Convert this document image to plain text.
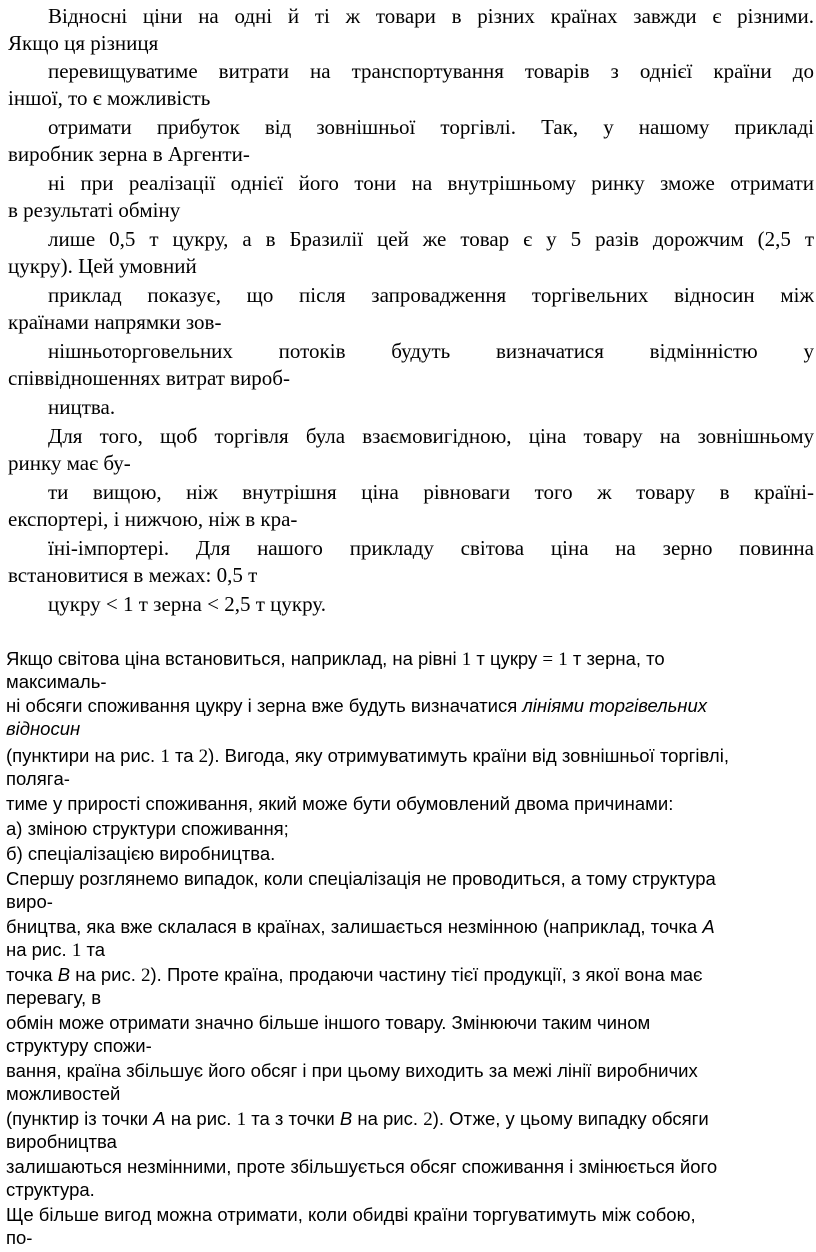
Відносні ціни на одні й ті ж товари в різних країнах завжди є різними.
Якщо ця різниця
перевищуватиме витрати на транспортування товарів з однієї країни до
іншої, то є можливість
отримати прибуток від зовнішньої торгівлі. Так, у нашому прикладі
виробник зерна в Аргенти-
ні при реалізації однієї його тони на внутрішньому ринку зможе отримати
в результаті обміну
лише 0,5 т цукру, а в Бразилії цей же товар є у 5 разів дорожчим (2,5 т
цукру). Цей умовний
приклад показує, що після запровадження торгівельних відносин між
країнами напрямки зов-
нішньоторговельних потоків будуть визначатися відмінністю у
співвідношеннях витрат вироб-
ництва.
Для того, щоб торгівля була взаємовигідною, ціна товару на зовнішньому
ринку має бу-
ти вищою, ніж внутрішня ціна рівноваги того ж товару в країні-
експортері, і нижчою, ніж в кра-
їні-імпортері. Для нашого прикладу світова ціна на зерно повинна
встановитися в межах: 0,5 т
цукру < 1 т зерна < 2,5 т цукру.
Якщо світова ціна встановиться, наприклад, на рівні 1 т цукру = 1 т зерна, то
максималь-
ні обсяги споживання цукру і зерна вже будуть визначатися лініями торгівельних
відносин
(пунктири на рис. 1 та 2). Вигода, яку отримуватимуть країни від зовнішньої торгівлі,
полягa-
тиме у прирості споживання, який може бути обумовлений двома причинами:
а) зміною структури споживання;
б) спеціалізацією виробництва.
Спершу розглянемо випадок, коли спеціалізація не проводиться, а тому структура
виро-
бництва, яка вже склалася в країнах, залишається незмінною (наприклад, точка А
на рис. 1 та
точка В на рис. 2). Проте країна, продаючи частину тієї продукції, з якої вона має
перевагу, в
обмін може отримати значно більше іншого товару. Змінюючи таким чином
структуру спожи-
вання, країна збільшує його обсяг і при цьому виходить за межі лінії виробничих
можливостей
(пунктир із точки А на рис. 1 та з точки В на рис. 2). Отже, у цьому випадку обсяги
виробництва
залишаються незмінними, проте збільшується обсяг споживання і змінюється його
структура.
Ще більше вигод можна отримати, коли обидві країни торгуватимуть між собою,
по-
